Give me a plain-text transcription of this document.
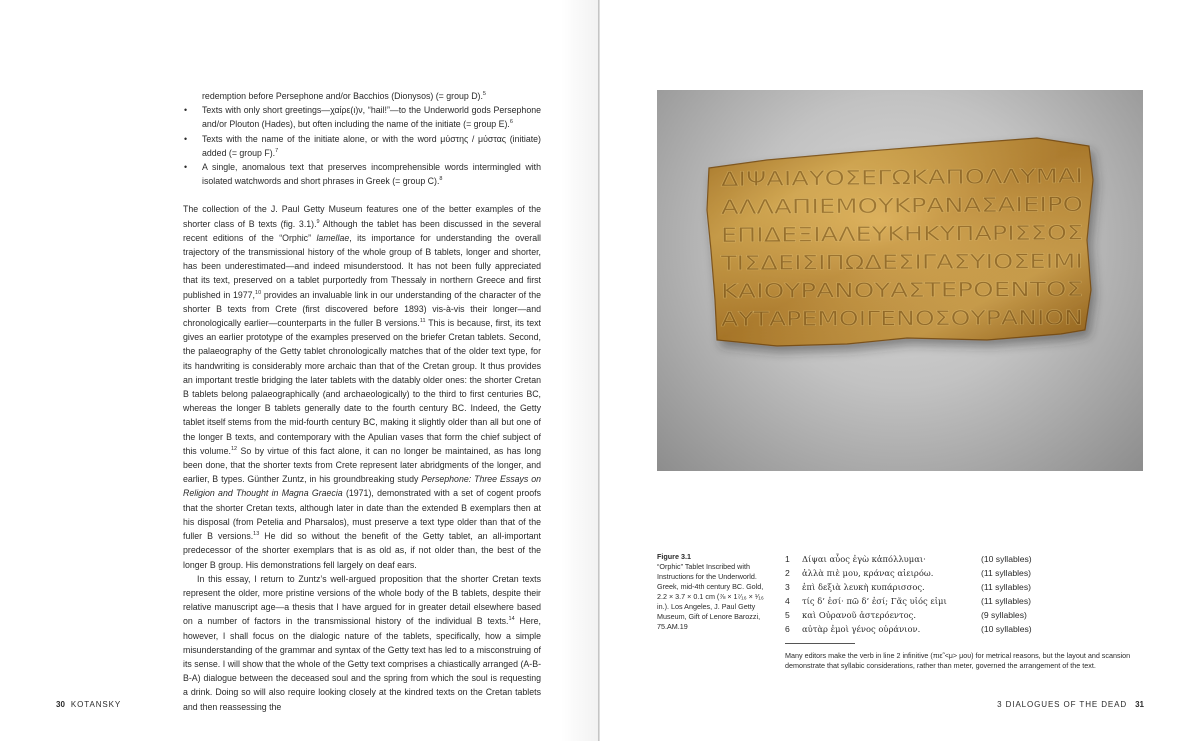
redemption before Persephone and/or Bacchios (Dionysos) (= group D).$^5$
• Texts with only short greetings—χαίρε(ι)ν, “hail!”—to the Underworld gods Persephone and/or Plouton (Hades), but often including the name of the initiate (= group E).$^6$
• Texts with the name of the initiate alone, or with the word μύστης / μύστας (initiate) added (= group F).$^7$
• A single, anomalous text that preserves incomprehensible words intermingled with isolated watchwords and short phrases in Greek (= group C).$^8$

The collection of the J. Paul Getty Museum features one of the better examples of the shorter class of B texts (fig. 3.1).$^9$ Although the tablet has been discussed in the several recent editions of the “Orphic” lamellae, its importance for understanding the overall trajectory of the transmissional history of the whole group of B tablets, longer and shorter, has been underestimated—and indeed misunderstood. It has not been fully appreciated that its text, preserved on a tablet purportedly from Thessaly in northern Greece and first published in 1977,10 provides an invaluable link in our understanding of the character of the shorter B texts from Crete (first discovered before 1893) vis-à-vis their longer—and chronologically earlier—counterparts in the fuller B versions.$^{11}$ This is because, first, its text gives an earlier prototype of the examples preserved on the briefer Cretan tablets. Second, the palaeography of the Getty tablet chronologically matches that of the older text type, for its handwriting is considerably more archaic than that of the Cretan group. It thus provides an important trestle bridging the later tablets with the datably older ones: the shorter Cretan B tablets belong palaeographically (and archaeologically) to the third to first centuries BC, whereas the longer B tablets generally date to the fourth century BC. Indeed, the Getty tablet itself stems from the mid-fourth century BC, making it slightly older than all but one of the longer B texts, and contemporary with the Apulian vases that form the chief subject of this volume.$^{12}$ So by virtue of this fact alone, it can no longer be maintained, as has long been done, that the shorter texts from Crete represent later abridgments of the longer, and earlier, B types. Günther Zuntz, in his groundbreaking study Persephone: Three Essays on Religion and Thought in Magna Graecia (1971), demonstrated with a set of cogent proofs that the shorter Cretan texts, although later in date than the extended B exemplars then at his disposal (from Petelia and Pharsalos), must preserve a text type older than that of the fuller B versions.$^{13}$ He did so without the benefit of the Getty tablet, an all-important predecessor of the shorter exemplars that is as old as, if not older than, the best of the longer B group. His demonstrations fell largely on deaf ears.

In this essay, I return to Zuntz’s well-argued proposition that the shorter Cretan texts represent the older, more pristine versions of the whole body of the B tablets, despite their relative manuscript age—a thesis that I have argued for in greater detail elsewhere based on a number of factors in the transmissional history of the individual B texts.$^{14}$ Here, however, I shall focus on the dialogic nature of the tablets, specifically, how a simple misunderstanding of the grammar and syntax of the Getty text has led to a misconstruing of its sense. I will show that the whole of the Getty text comprises a chiastically arranged (A-B-B-A) dialogue between the deceased soul and the spring from which the soul is requesting a drink. Doing so will also require looking closely at the kindred texts on the Cretan tablets and then reassessing the

30 KOTANSKY
ΔΙΨΑΙΑΥΟΣΕΓΩΚΑΠΟΛΛΥΜΑΙ
ΑΛΛΑΠΙΕΜΟΥΚΡΑΝΑΣΑΙΕΙΡΟ
ΕΠΙΔΕΞΙΑΛΕΥΚΗΚΥΠΑΡΙΣΣΟΣ
ΤΙΣΔΕΙΣΙΠΩΔΕΣΙΓΑΣΥΙΟΣΕΙΜΙ
ΚΑΙΟΥΡΑΝΟΥΑΣΤΕΡΟΕΝΤΟΣ
ΑΥΤΑΡΕΜΟΙΓΕΝΟΣΟΥΡΑΝΙΟΝ
Figure 3.1
“Orphic” Tablet Inscribed with Instructions for the Underworld. Greek, mid-4th century BC. Gold, 2.2 × 3.7 × 0.1 cm (⅞ × 1⁷⁄₁₆ × ¹⁄₁₆ in.). Los Angeles, J. Paul Getty Museum, Gift of Lenore Barozzi, 75.AM.19
1 Δίψαι αὖος ἐγὼ κἀπόλλυμαι·	(10 syllables)
2 ἀλλὰ πιὲ μου, κράνας αἰειρόω.	(11 syllables)
3 ἐπὶ δεξιὰ λευκὴ κυπάρισσος.	(11 syllables)
4 τίς δ’ ἐσί· πῶ δ’ ἐσί; Γᾶς υἱός εἰμι	(11 syllables)
5 καὶ Οὐρανοῦ ἀστερόεντος.	(9 syllables)
6 αὐτὰρ ἐμοὶ γένος οὐράνιον.	(10 syllables)
Many editors make the verb in line 2 infinitive (πιε̃ <μ> μου) for metrical reasons, but the layout and scansion demonstrate that syllabic considerations, rather than meter, governed the arrangement of the text.
3 DIALOGUES OF THE DEAD 31
